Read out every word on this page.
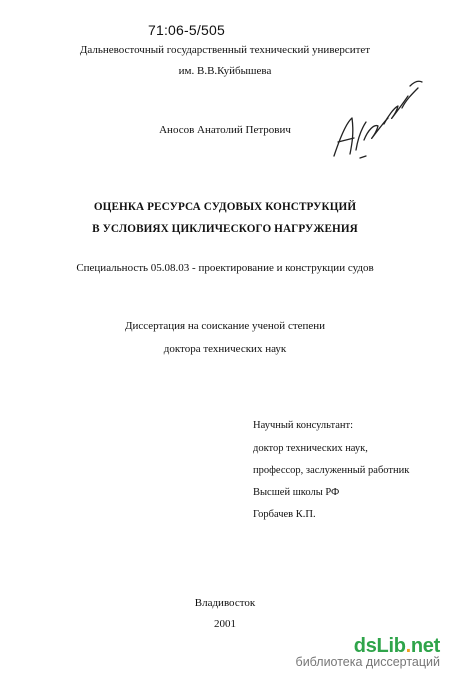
71:06-5/505
Дальневосточный государственный технический университет
им. В.В.Куйбышева
Аносов Анатолий Петрович
ОЦЕНКА РЕСУРСА СУДОВЫХ КОНСТРУКЦИЙ
В УСЛОВИЯХ ЦИКЛИЧЕСКОГО НАГРУЖЕНИЯ
Специальность 05.08.03 - проектирование и конструкции судов
Диссертация на соискание ученой степени
доктора технических наук
Научный консультант:
доктор технических наук,
профессор, заслуженный работник
Высшей школы РФ
Горбачев К.П.
Владивосток
2001
dsLib.net
библиотека диссертаций
